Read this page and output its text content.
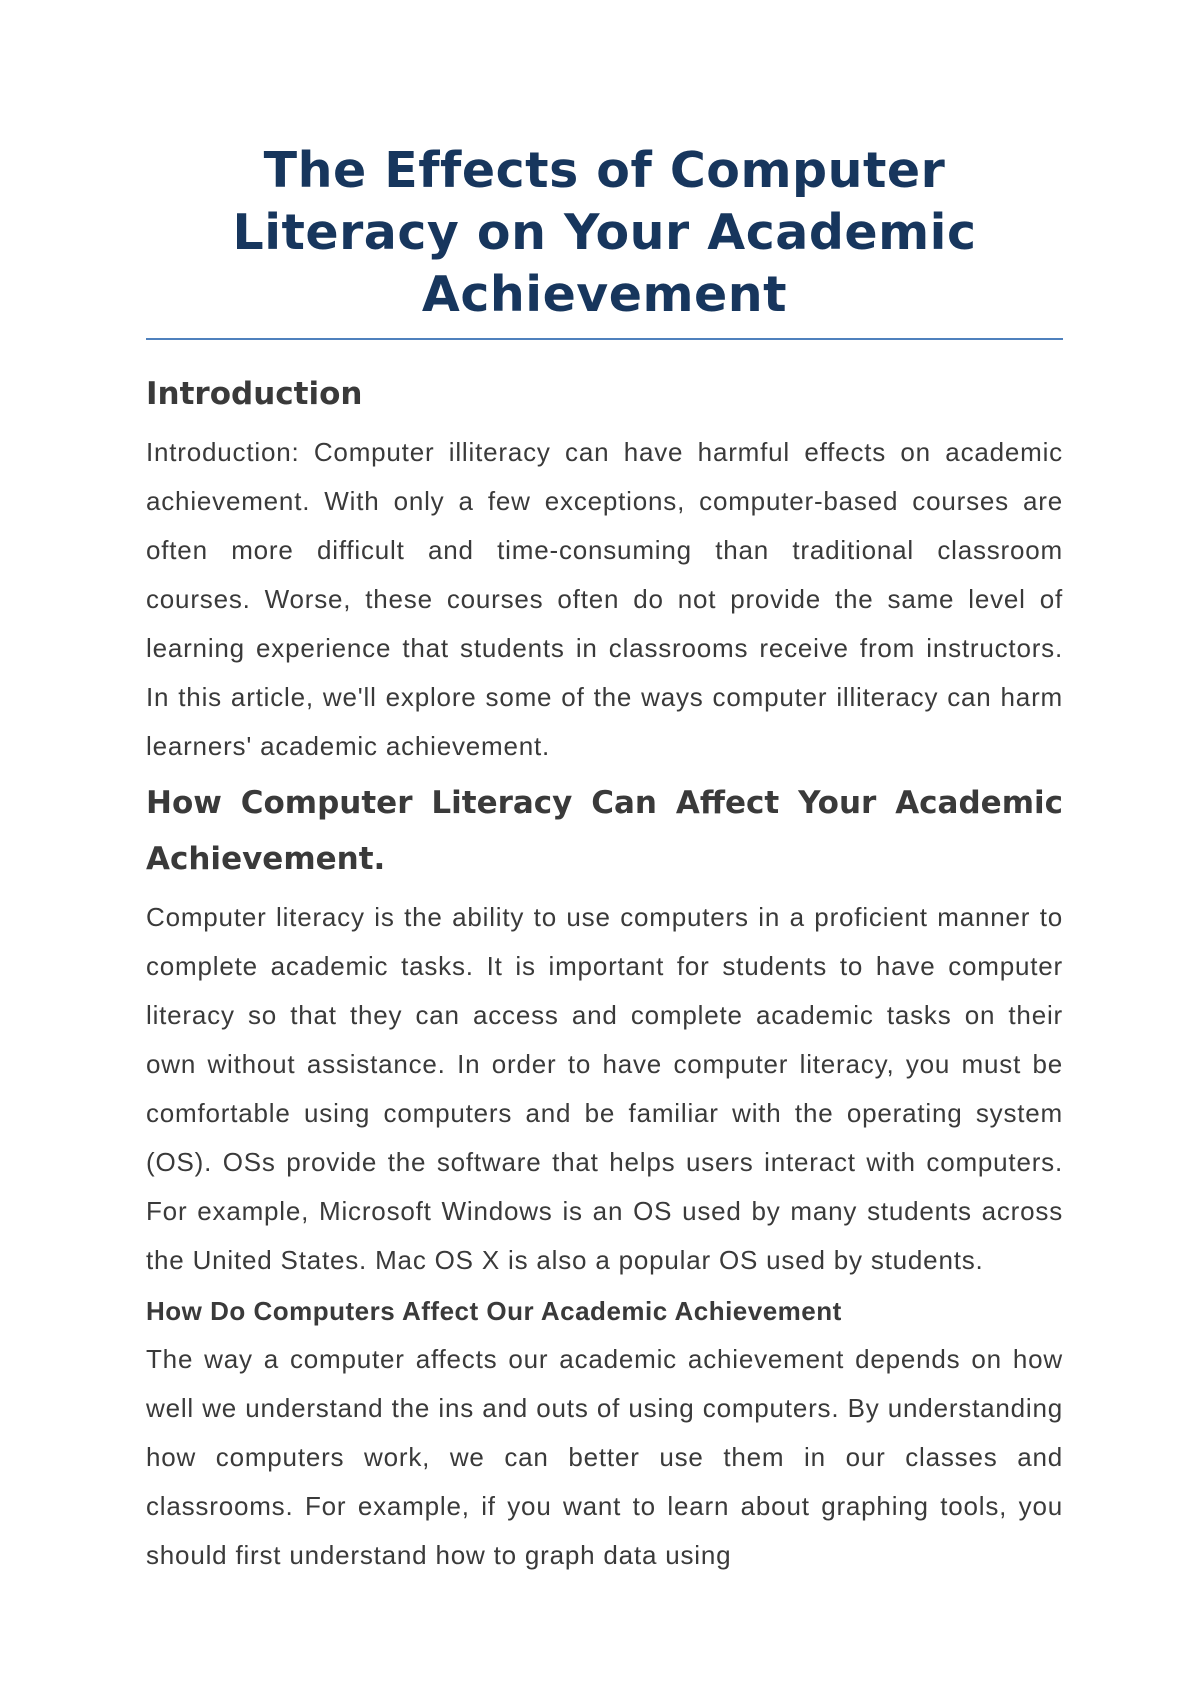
The Effects of Computer Literacy on Your Academic Achievement
Introduction

Introduction: Computer illiteracy can have harmful effects on academic achievement. With only a few exceptions, computer-based courses are often more difficult and time-consuming than traditional classroom courses. Worse, these courses often do not provide the same level of learning experience that students in classrooms receive from instructors. In this article, we'll explore some of the ways computer illiteracy can harm learners' academic achievement.

How Computer Literacy Can Affect Your Academic Achievement.

Computer literacy is the ability to use computers in a proficient manner to complete academic tasks. It is important for students to have computer literacy so that they can access and complete academic tasks on their own without assistance. In order to have computer literacy, you must be comfortable using computers and be familiar with the operating system (OS). OSs provide the software that helps users interact with computers. For example, Microsoft Windows is an OS used by many students across the United States. Mac OS X is also a popular OS used by students.

How Do Computers Affect Our Academic Achievement

The way a computer affects our academic achievement depends on how well we understand the ins and outs of using computers. By understanding how computers work, we can better use them in our classes and classrooms. For example, if you want to learn about graphing tools, you should first understand how to graph data using
